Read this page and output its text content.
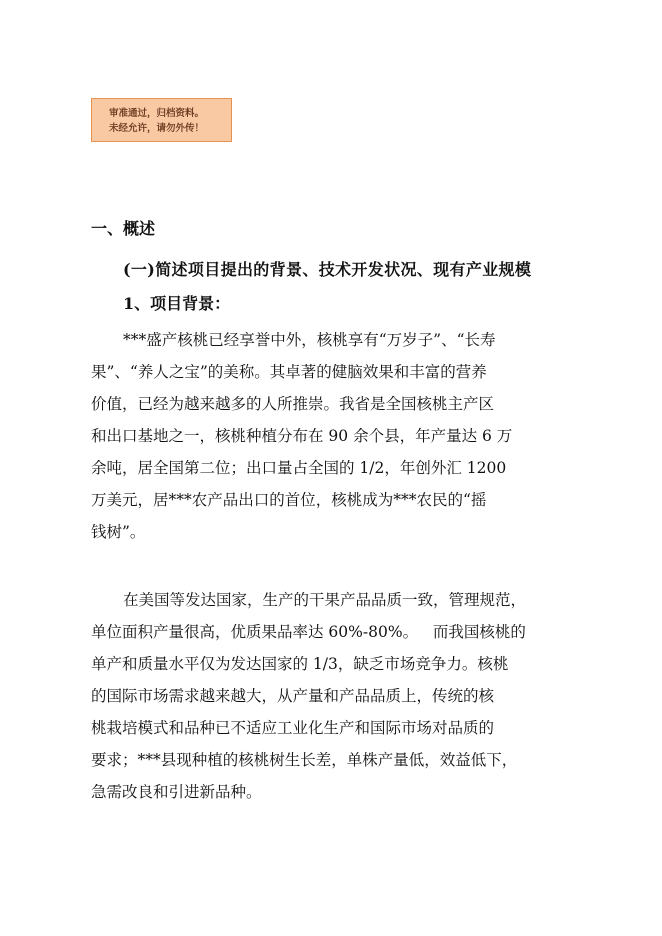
审准通过，归档资料。
未经允许，请勿外传！
一、概述
(一)简述项目提出的背景、技术开发状况、现有产业规模
1、项目背景：
***盛产核桃已经享誉中外，核桃享有“万岁子”、“长寿
果”、“养人之宝”的美称。其卓著的健脑效果和丰富的营养
价值，已经为越来越多的人所推崇。我省是全国核桃主产区
和出口基地之一，核桃种植分布在 90 余个县，年产量达 6 万
余吨，居全国第二位；出口量占全国的 1/2，年创外汇 1200
万美元，居***农产品出口的首位，核桃成为***农民的“摇
钱树”。
在美国等发达国家，生产的干果产品品质一致，管理规范，
单位面积产量很高，优质果品率达 60%-80%。   而我国核桃的
单产和质量水平仅为发达国家的 1/3，缺乏市场竞争力。核桃
的国际市场需求越来越大，从产量和产品品质上，传统的核
桃栽培模式和品种已不适应工业化生产和国际市场对品质的
要求；***县现种植的核桃树生长差，单株产量低，效益低下，
急需改良和引进新品种。
